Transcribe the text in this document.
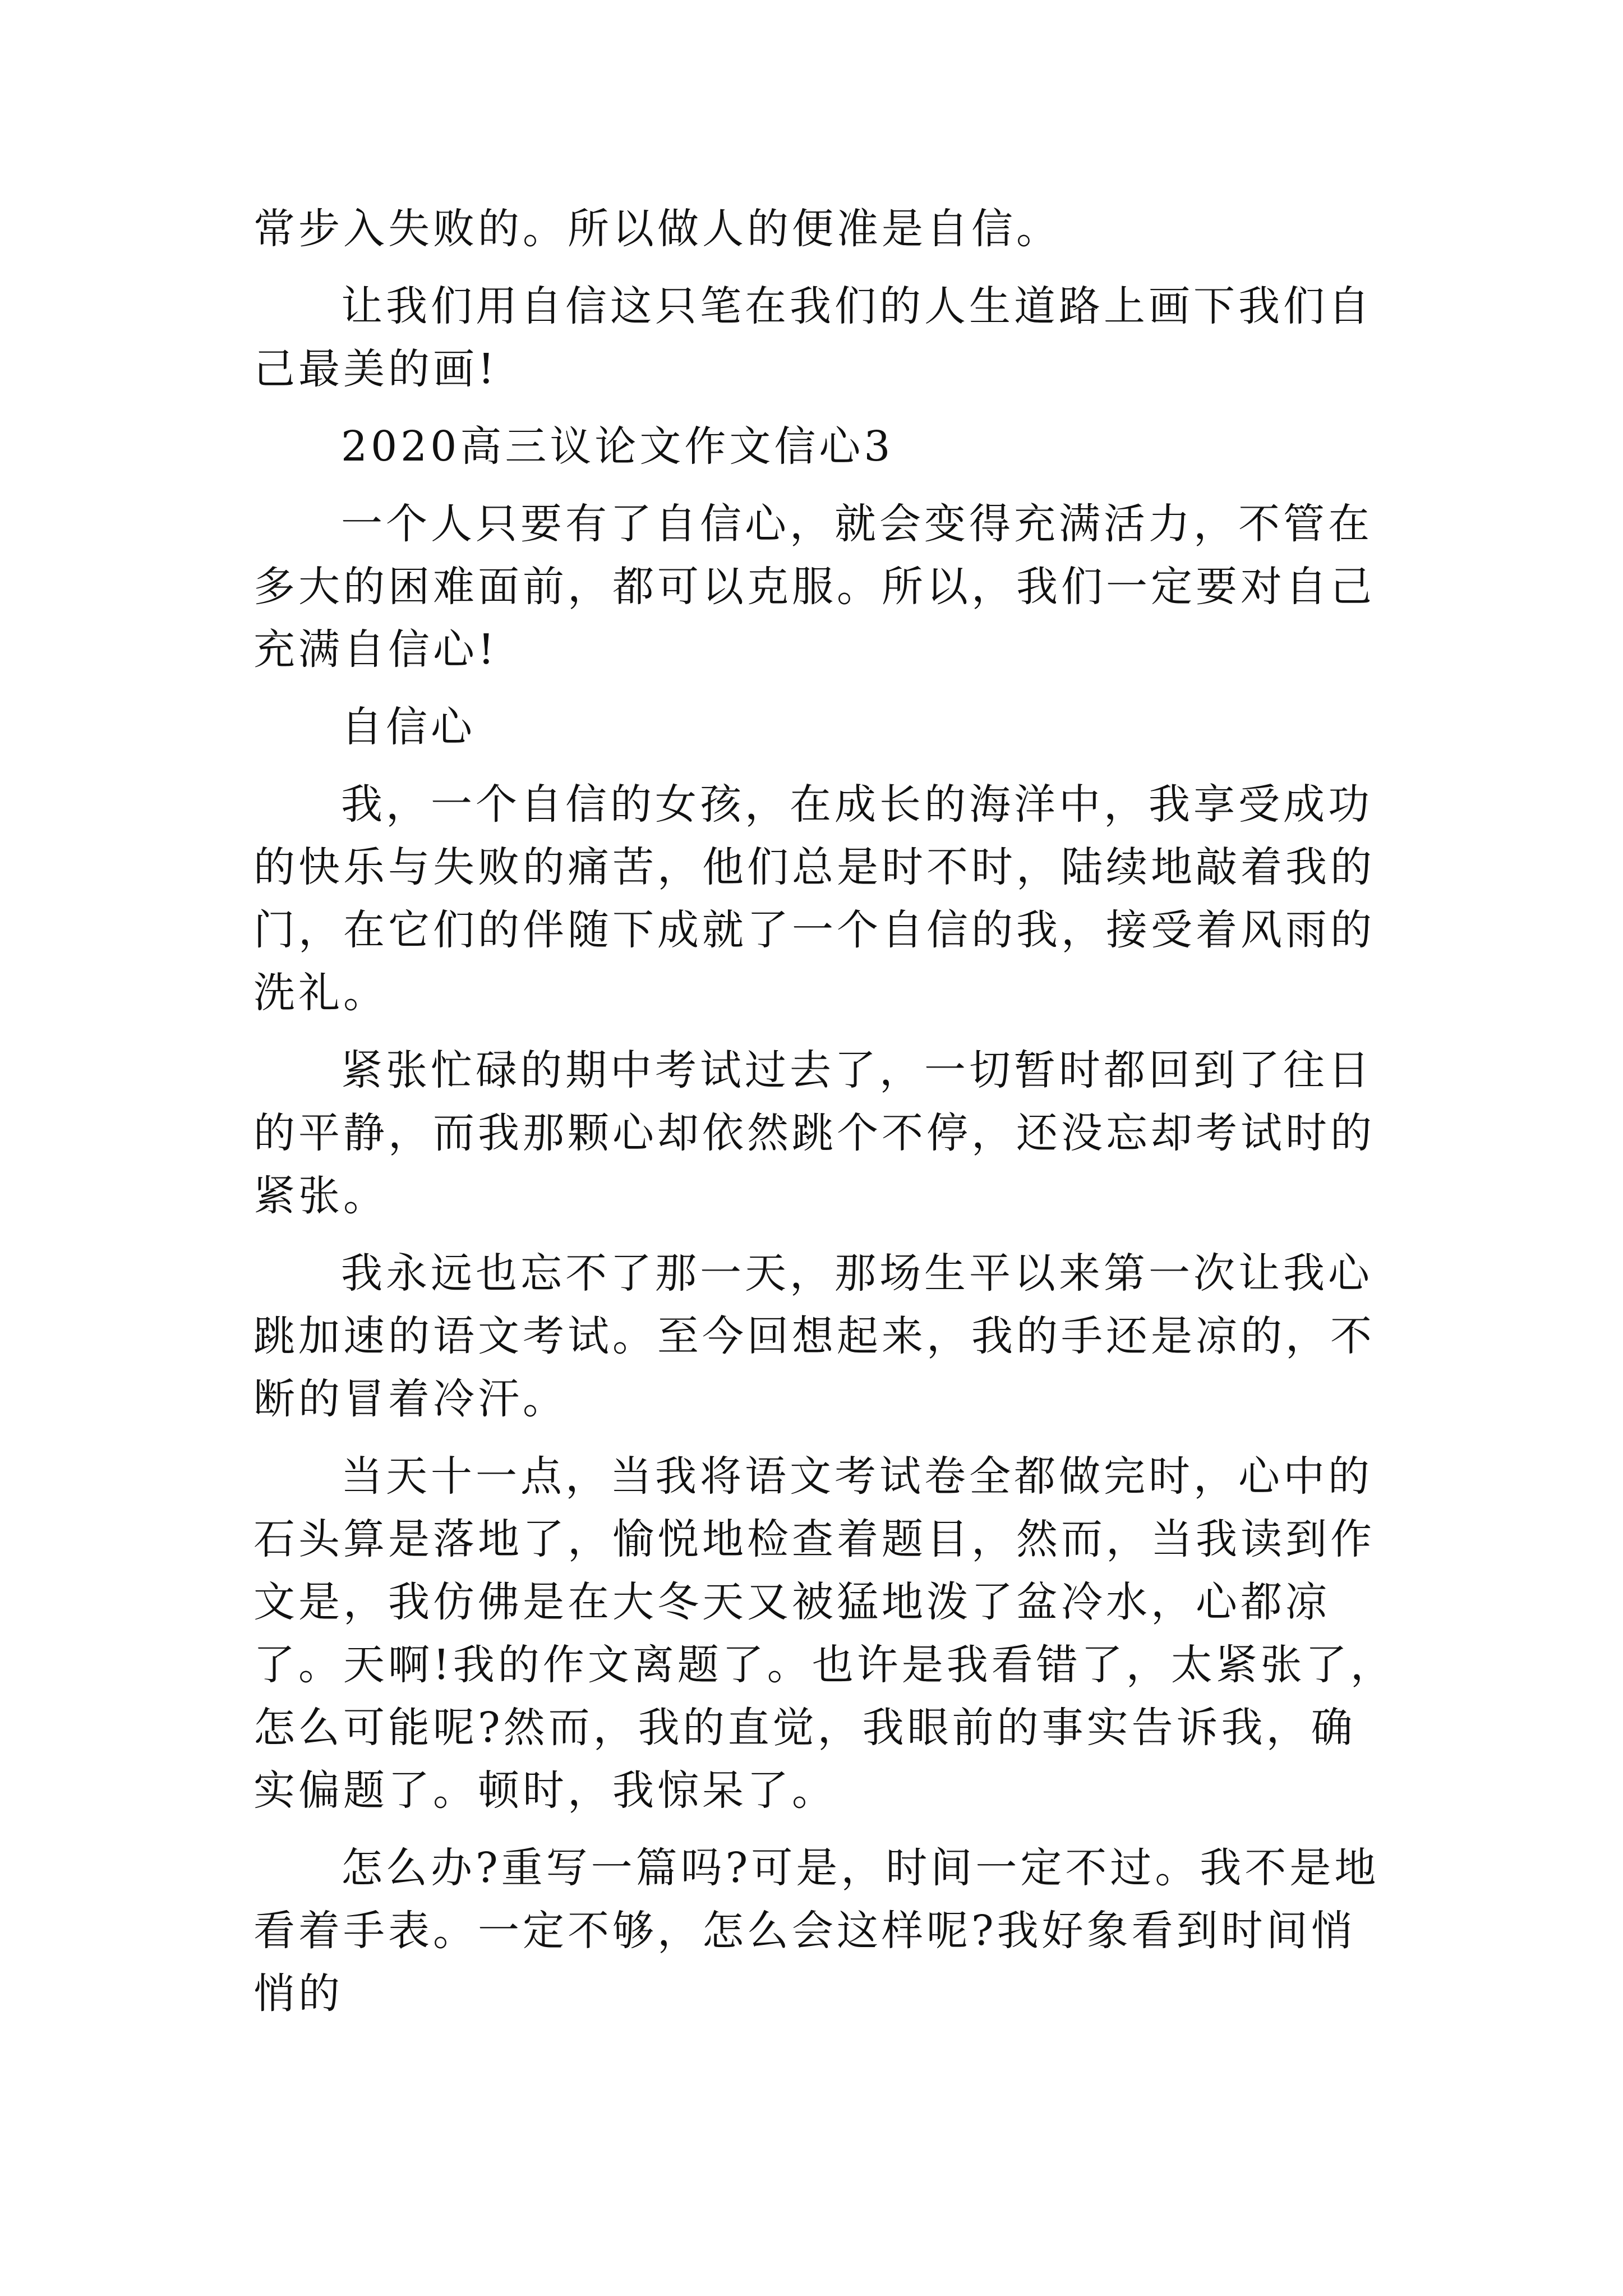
常步入失败的。所以做人的便准是自信。

让我们用自信这只笔在我们的人生道路上画下我们自己最美的画!

2020高三议论文作文信心3

一个人只要有了自信心，就会变得充满活力，不管在多大的困难面前，都可以克服。所以，我们一定要对自己充满自信心!

自信心

我，一个自信的女孩，在成长的海洋中，我享受成功的快乐与失败的痛苦，他们总是时不时，陆续地敲着我的门，在它们的伴随下成就了一个自信的我，接受着风雨的洗礼。

紧张忙碌的期中考试过去了，一切暂时都回到了往日的平静，而我那颗心却依然跳个不停，还没忘却考试时的紧张。

我永远也忘不了那一天，那场生平以来第一次让我心跳加速的语文考试。至今回想起来，我的手还是凉的，不断的冒着冷汗。

当天十一点，当我将语文考试卷全都做完时，心中的石头算是落地了，愉悦地检查着题目，然而，当我读到作文是，我仿佛是在大冬天又被猛地泼了盆冷水，心都凉了。天啊!我的作文离题了。也许是我看错了，太紧张了，怎么可能呢?然而，我的直觉，我眼前的事实告诉我，确实偏题了。顿时，我惊呆了。

怎么办?重写一篇吗?可是，时间一定不过。我不是地看着手表。一定不够，怎么会这样呢?我好象看到时间悄悄的
